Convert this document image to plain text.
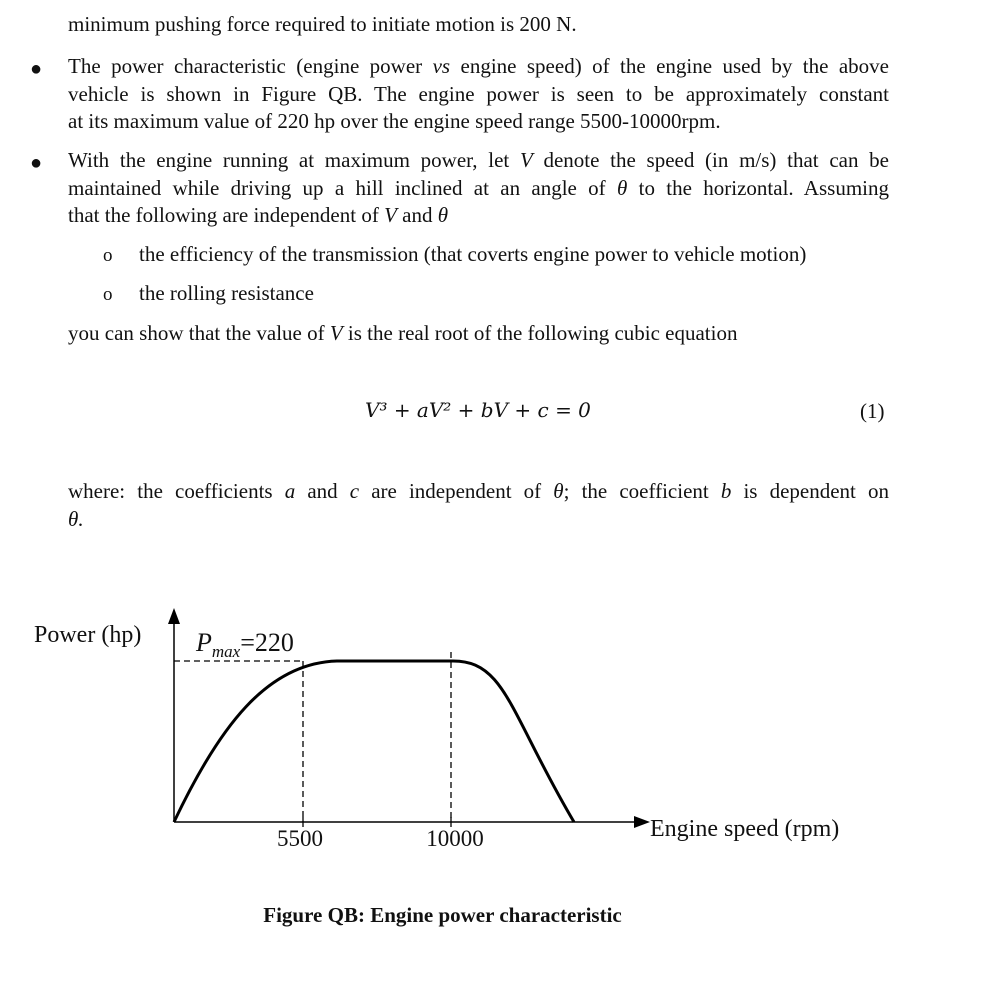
minimum pushing force required to initiate motion is 200 N.
● The power characteristic (engine power vs engine speed) of the engine used by the above
vehicle is shown in Figure QB. The engine power is seen to be approximately constant
at its maximum value of 220 hp over the engine speed range 5500-10000rpm.
● With the engine running at maximum power, let V denote the speed (in m/s) that can be
maintained while driving up a hill inclined at an angle of θ to the horizontal. Assuming
that the following are independent of V and θ
o the efficiency of the transmission (that coverts engine power to vehicle motion)
o the rolling resistance
you can show that the value of V is the real root of the following cubic equation
V³ + aV² + bV + c = 0	(1)
where: the coefficients a and c are independent of θ; the coefficient b is dependent on
θ.
Power (hp)
Engine speed (rpm)
5500	10000
$P_{max}=220$
Figure QB: Engine power characteristic
